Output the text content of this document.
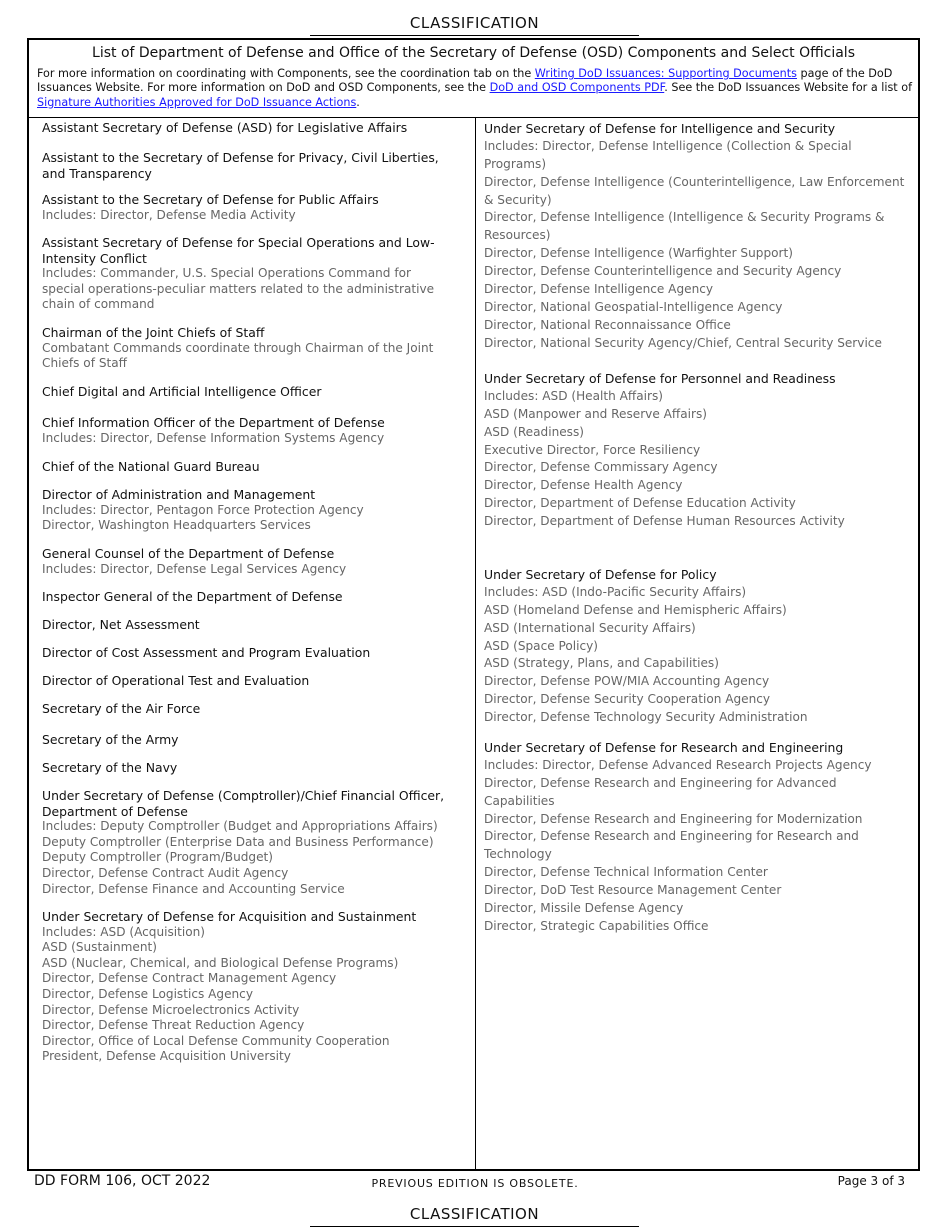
CLASSIFICATION
List of Department of Defense and Office of the Secretary of Defense (OSD) Components and Select Officials
For more information on coordinating with Components, see the coordination tab on the Writing DoD Issuances: Supporting Documents page of the DoD Issuances Website. For more information on DoD and OSD Components, see the DoD and OSD Components PDF. See the DoD Issuances Website for a list of Signature Authorities Approved for DoD Issuance Actions.
Assistant Secretary of Defense (ASD) for Legislative Affairs
Assistant to the Secretary of Defense for Privacy, Civil Liberties, and Transparency
Assistant to the Secretary of Defense for Public Affairs
Includes: Director, Defense Media Activity
Assistant Secretary of Defense for Special Operations and Low-Intensity Conflict
Includes: Commander, U.S. Special Operations Command for special operations-peculiar matters related to the administrative chain of command
Chairman of the Joint Chiefs of Staff
Combatant Commands coordinate through Chairman of the Joint Chiefs of Staff
Chief Digital and Artificial Intelligence Officer
Chief Information Officer of the Department of Defense
Includes: Director, Defense Information Systems Agency
Chief of the National Guard Bureau
Director of Administration and Management
Includes: Director, Pentagon Force Protection Agency
Director, Washington Headquarters Services
General Counsel of the Department of Defense
Includes: Director, Defense Legal Services Agency
Inspector General of the Department of Defense
Director, Net Assessment
Director of Cost Assessment and Program Evaluation
Director of Operational Test and Evaluation
Secretary of the Air Force
Secretary of the Army
Secretary of the Navy
Under Secretary of Defense (Comptroller)/Chief Financial Officer, Department of Defense
Includes: Deputy Comptroller (Budget and Appropriations Affairs)
Deputy Comptroller (Enterprise Data and Business Performance)
Deputy Comptroller (Program/Budget)
Director, Defense Contract Audit Agency
Director, Defense Finance and Accounting Service
Under Secretary of Defense for Acquisition and Sustainment
Includes: ASD (Acquisition)
ASD (Sustainment)
ASD (Nuclear, Chemical, and Biological Defense Programs)
Director, Defense Contract Management Agency
Director, Defense Logistics Agency
Director, Defense Microelectronics Activity
Director, Defense Threat Reduction Agency
Director, Office of Local Defense Community Cooperation
President, Defense Acquisition University
Under Secretary of Defense for Intelligence and Security
Includes: Director, Defense Intelligence (Collection & Special Programs)
Director, Defense Intelligence (Counterintelligence, Law Enforcement & Security)
Director, Defense Intelligence (Intelligence & Security Programs & Resources)
Director, Defense Intelligence (Warfighter Support)
Director, Defense Counterintelligence and Security Agency
Director, Defense Intelligence Agency
Director, National Geospatial-Intelligence Agency
Director, National Reconnaissance Office
Director, National Security Agency/Chief, Central Security Service
Under Secretary of Defense for Personnel and Readiness
Includes: ASD (Health Affairs)
ASD (Manpower and Reserve Affairs)
ASD (Readiness)
Executive Director, Force Resiliency
Director, Defense Commissary Agency
Director, Defense Health Agency
Director, Department of Defense Education Activity
Director, Department of Defense Human Resources Activity
Under Secretary of Defense for Policy
Includes: ASD (Indo-Pacific Security Affairs)
ASD (Homeland Defense and Hemispheric Affairs)
ASD (International Security Affairs)
ASD (Space Policy)
ASD (Strategy, Plans, and Capabilities)
Director, Defense POW/MIA Accounting Agency
Director, Defense Security Cooperation Agency
Director, Defense Technology Security Administration
Under Secretary of Defense for Research and Engineering
Includes: Director, Defense Advanced Research Projects Agency
Director, Defense Research and Engineering for Advanced Capabilities
Director, Defense Research and Engineering for Modernization
Director, Defense Research and Engineering for Research and Technology
Director, Defense Technical Information Center
Director, DoD Test Resource Management Center
Director, Missile Defense Agency
Director, Strategic Capabilities Office
DD FORM 106, OCT 2022	PREVIOUS EDITION IS OBSOLETE.	Page 3 of 3
CLASSIFICATION
